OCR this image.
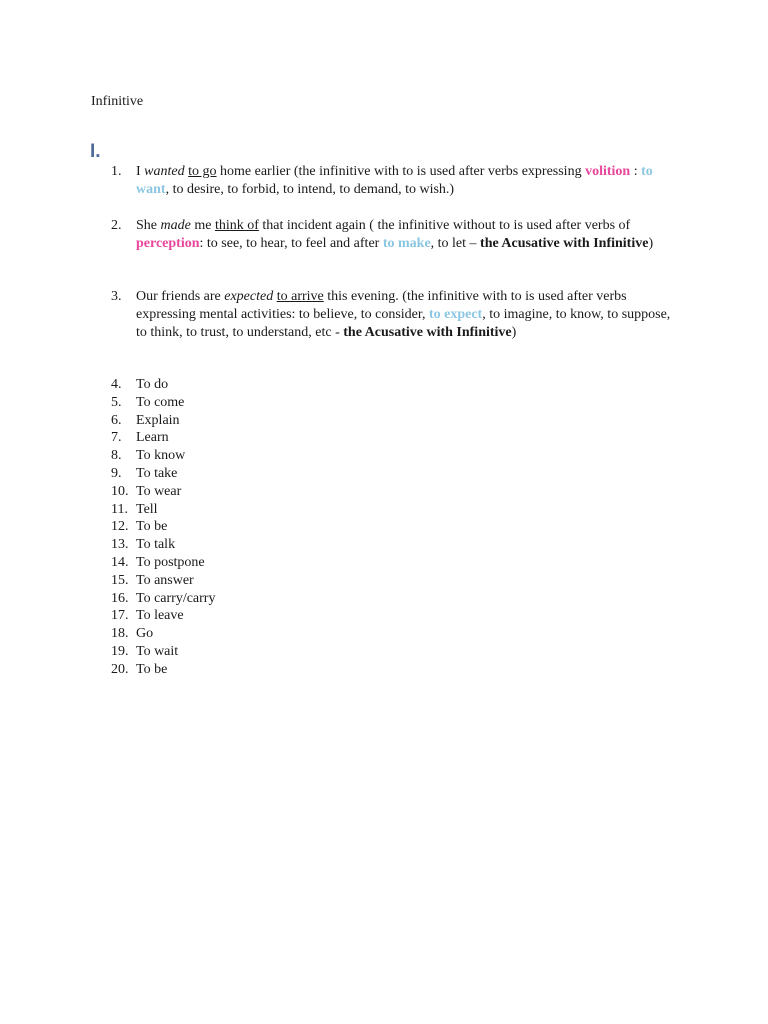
Infinitive
I.
1.	I wanted to go home earlier (the infinitive with to is used after verbs expressing volition : to want, to desire, to forbid, to intend, to demand, to wish.)
2.	She made me think of that incident again ( the infinitive without to is used after verbs of perception: to see, to hear, to feel and after to make, to let – the Acusative with Infinitive)
3.	Our friends are expected to arrive this evening. (the infinitive with to is used after verbs expressing mental activities: to believe, to consider, to expect, to imagine, to know, to suppose, to think, to trust, to understand, etc - the Acusative with Infinitive)
4.	To do
5.	To come
6.	Explain
7.	Learn
8.	To know
9.	To take
10. To wear
11. Tell
12. To be
13. To talk
14. To postpone
15. To answer
16. To carry/carry
17. To leave
18. Go
19. To wait
20. To be
